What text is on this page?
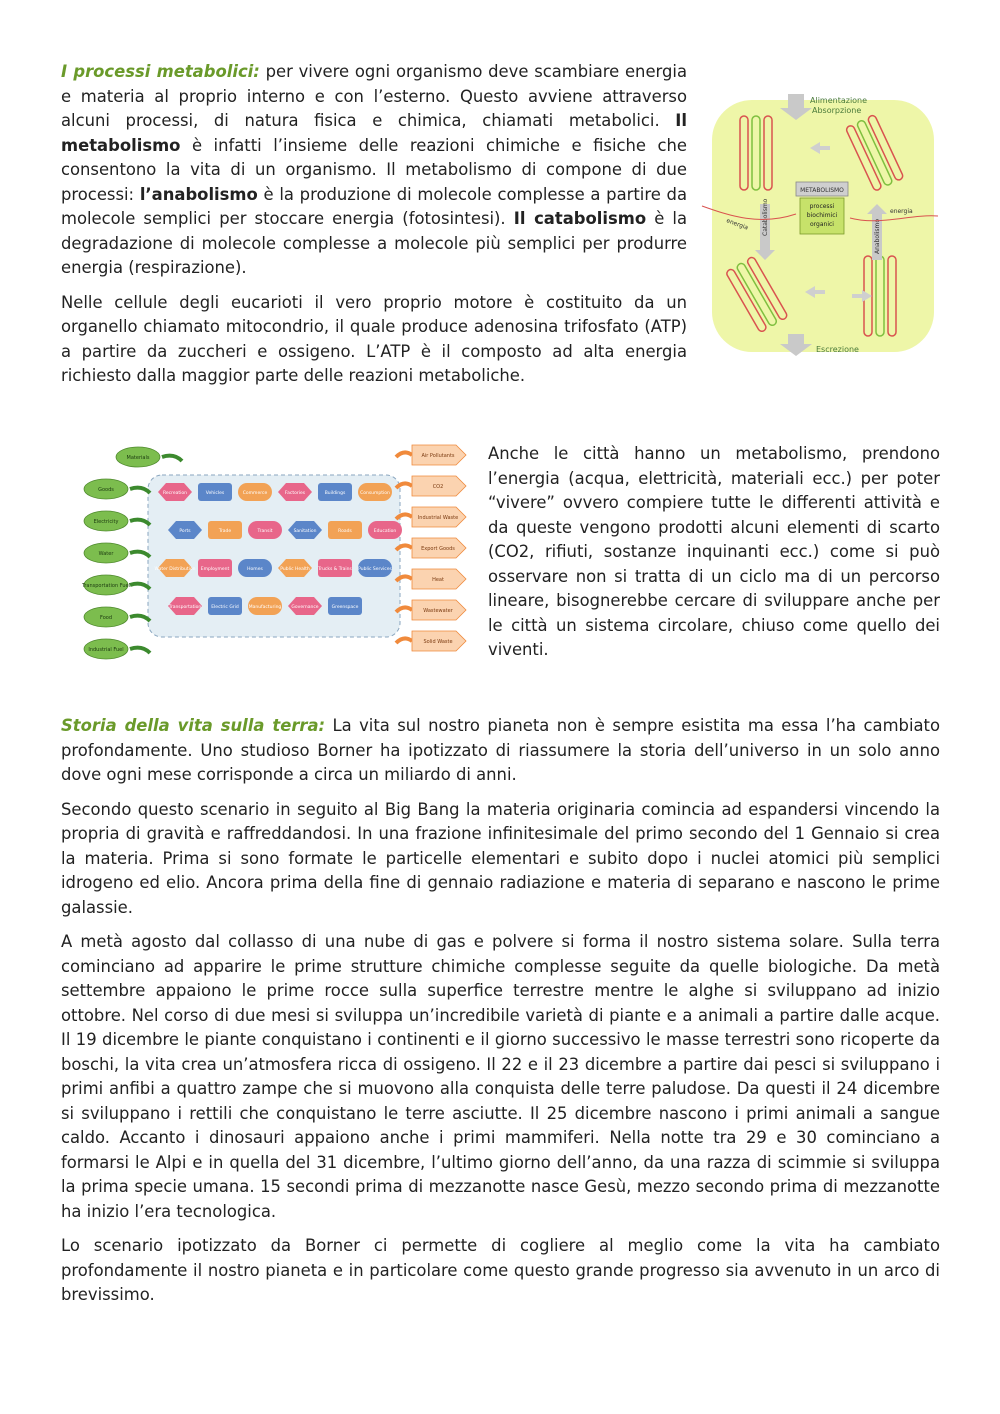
I processi metabolici: per vivere ogni organismo deve scambiare energia e materia al proprio interno e con l’esterno. Questo avviene attraverso alcuni processi, di natura fisica e chimica, chiamati metabolici. Il metabolismo è infatti l’insieme delle reazioni chimiche e fisiche che consentono la vita di un organismo. Il metabolismo di compone di due processi: l’anabolismo è la produzione di molecole complesse a partire da molecole semplici per stoccare energia (fotosintesi). Il catabolismo è la degradazione di molecole complesse a molecole più semplici per produrre energia (respirazione).

Nelle cellule degli eucarioti il vero proprio motore è costituito da un organello chiamato mitocondrio, il quale produce adenosina trifosfato (ATP) a partire da zuccheri e ossigeno. L’ATP è il composto ad alta energia richiesto dalla maggior parte delle reazioni metaboliche.

Alimentazione
Absorpzione
Escrezione
Catabolismo
Anabolismo
METABOLISMO
processi
biochimici
organici
energia
energia
Materials
Goods
Electricity
Water
Transportation Fuel
Food
Industrial Fuel
Air Pollutants
CO2
Industrial Waste
Export Goods
Heat
Wastewater
Solid Waste
Recreation	Vehicles	Commerce	Factories	Buildings	Consumption
Ports	Trade	Transit	Sanitation	Roads	Education
Water Distribution Employment	Homes	Public Health Trucks & Trains Public Services
Transportation Electric Grid Manufacturing Governance	Greenspace

Anche le città hanno un metabolismo, prendono l’energia (acqua, elettricità, materiali ecc.) per poter “vivere” ovvero compiere tutte le differenti attività e da queste vengono prodotti alcuni elementi di scarto (CO2, rifiuti, sostanze inquinanti ecc.) come si può osservare non si tratta di un ciclo ma di un percorso lineare, bisognerebbe cercare di sviluppare anche per le città un sistema circolare, chiuso come quello dei viventi.

Storia della vita sulla terra: La vita sul nostro pianeta non è sempre esistita ma essa l’ha cambiato profondamente. Uno studioso Borner ha ipotizzato di riassumere la storia dell’universo in un solo anno dove ogni mese corrisponde a circa un miliardo di anni.

Secondo questo scenario in seguito al Big Bang la materia originaria comincia ad espandersi vincendo la propria di gravità e raffreddandosi. In una frazione infinitesimale del primo secondo del 1 Gennaio si crea la materia. Prima si sono formate le particelle elementari e subito dopo i nuclei atomici più semplici idrogeno ed elio. Ancora prima della fine di gennaio radiazione e materia di separano e nascono le prime galassie.

A metà agosto dal collasso di una nube di gas e polvere si forma il nostro sistema solare. Sulla terra cominciano ad apparire le prime strutture chimiche complesse seguite da quelle biologiche. Da metà settembre appaiono le prime rocce sulla superfice terrestre mentre le alghe si sviluppano ad inizio ottobre. Nel corso di due mesi si sviluppa un’incredibile varietà di piante e a animali a partire dalle acque. Il 19 dicembre le piante conquistano i continenti e il giorno successivo le masse terrestri sono ricoperte da boschi, la vita crea un’atmosfera ricca di ossigeno. Il 22 e il 23 dicembre a partire dai pesci si sviluppano i primi anfibi a quattro zampe che si muovono alla conquista delle terre paludose. Da questi il 24 dicembre si sviluppano i rettili che conquistano le terre asciutte. Il 25 dicembre nascono i primi animali a sangue caldo. Accanto i dinosauri appaiono anche i primi mammiferi. Nella notte tra 29 e 30 cominciano a formarsi le Alpi e in quella del 31 dicembre, l’ultimo giorno dell’anno, da una razza di scimmie si sviluppa la prima specie umana. 15 secondi prima di mezzanotte nasce Gesù, mezzo secondo prima di mezzanotte ha inizio l’era tecnologica.

Lo scenario ipotizzato da Borner ci permette di cogliere al meglio come la vita ha cambiato profondamente il nostro pianeta e in particolare come questo grande progresso sia avvenuto in un arco di brevissimo.
